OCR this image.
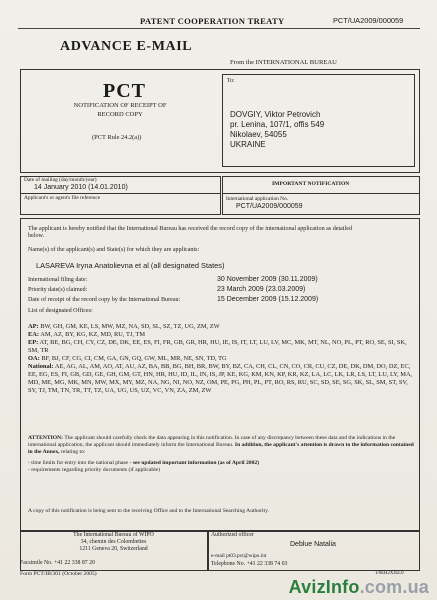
PATENT COOPERATION TREATY	PCT/UA2009/000059
ADVANCE E-MAIL
From the INTERNATIONAL BUREAU
PCT
NOTIFICATION OF RECEIPT OF
RECORD COPY
(PCT Rule 24.2(a))
To:
DOVGIY, Viktor Petrovich
pr. Lenina, 107/1, offis 549
Nikolaev, 54055
UKRAINE
Date of mailing (day/month/year)
14 January 2010 (14.01.2010)	IMPORTANT NOTIFICATION
Applicant's or agent's file reference	International application No.
PCT/UA2009/000059
The applicant is hereby notified that the International Bureau has received the record copy of the international application as detailed
below.
Name(s) of the applicant(s) and State(s) for which they are applicants:
LASAREVA Iryna Anatolievna et al (all designated States)
International filing date:	30 November 2009 (30.11.2009)
Priority date(s) claimed:	23 March 2009 (23.03.2009)
Date of receipt of the record copy by the International Bureau:	15 December 2009 (15.12.2009)
List of designated Offices:
AP: BW, GH, GM, KE, LS, MW, MZ, NA, SD, SL, SZ, TZ, UG, ZM, ZW
EA: AM, AZ, BY, KG, KZ, MD, RU, TJ, TM
EP: AT, BE, BG, CH, CY, CZ, DE, DK, EE, ES, FI, FR, GB, GR, HR, HU, IE, IS, IT, LT, LU, LV, MC, MK, MT, NL, NO, PL, PT, RO, SE, SI, SK, SM, TR
OA: BF, BJ, CF, CG, CI, CM, GA, GN, GQ, GW, ML, MR, NE, SN, TD, TG
National: AE, AG, AL, AM, AO, AT, AU, AZ, BA, BB, BG, BH, BR, BW, BY, BZ, CA, CH, CL, CN, CO, CR, CU, CZ, DE, DK, DM, DO, DZ, EC, EE, EG, ES, FI, GB, GD, GE, GH, GM, GT, HN, HR, HU, ID, IL, IN, IS, JP, KE, KG, KM, KN, KP, KR, KZ, LA, LC, LK, LR, LS, LT, LU, LY, MA, MD, ME, MG, MK, MN, MW, MX, MY, MZ, NA, NG, NI, NO, NZ, OM, PE, PG, PH, PL, PT, RO, RS, RU, SC, SD, SE, SG, SK, SL, SM, ST, SV, SY, TJ, TM, TN, TR, TT, TZ, UA, UG, US, UZ, VC, VN, ZA, ZM, ZW
ATTENTION: The applicant should carefully check the data appearing in this notification. In case of any discrepancy between these data and the indications in the international application, the applicant should immediately inform the International Bureau. In addition, the applicant's attention is drawn to the information contained in the Annex, relating to:
- time limits for entry into the national phase - see updated important information (as of April 2002)
- requirements regarding priority documents (if applicable)
A copy of this notification is being sent to the receiving Office and to the International Searching Authority.
The International Bureau of WIPO
34, chemin des Colombettes
1211 Geneva 20, Switzerland
Facsimile No. +41 22 338 87 20
Authorized officer
Deblue Natalia
e-mail pt03.pct@wipo.int
Telephone No. +41 22 338 74 03
Form PCT/IB/301 (October 2005)	1/0EH2XJEL0
AvizInfo.com.ua
